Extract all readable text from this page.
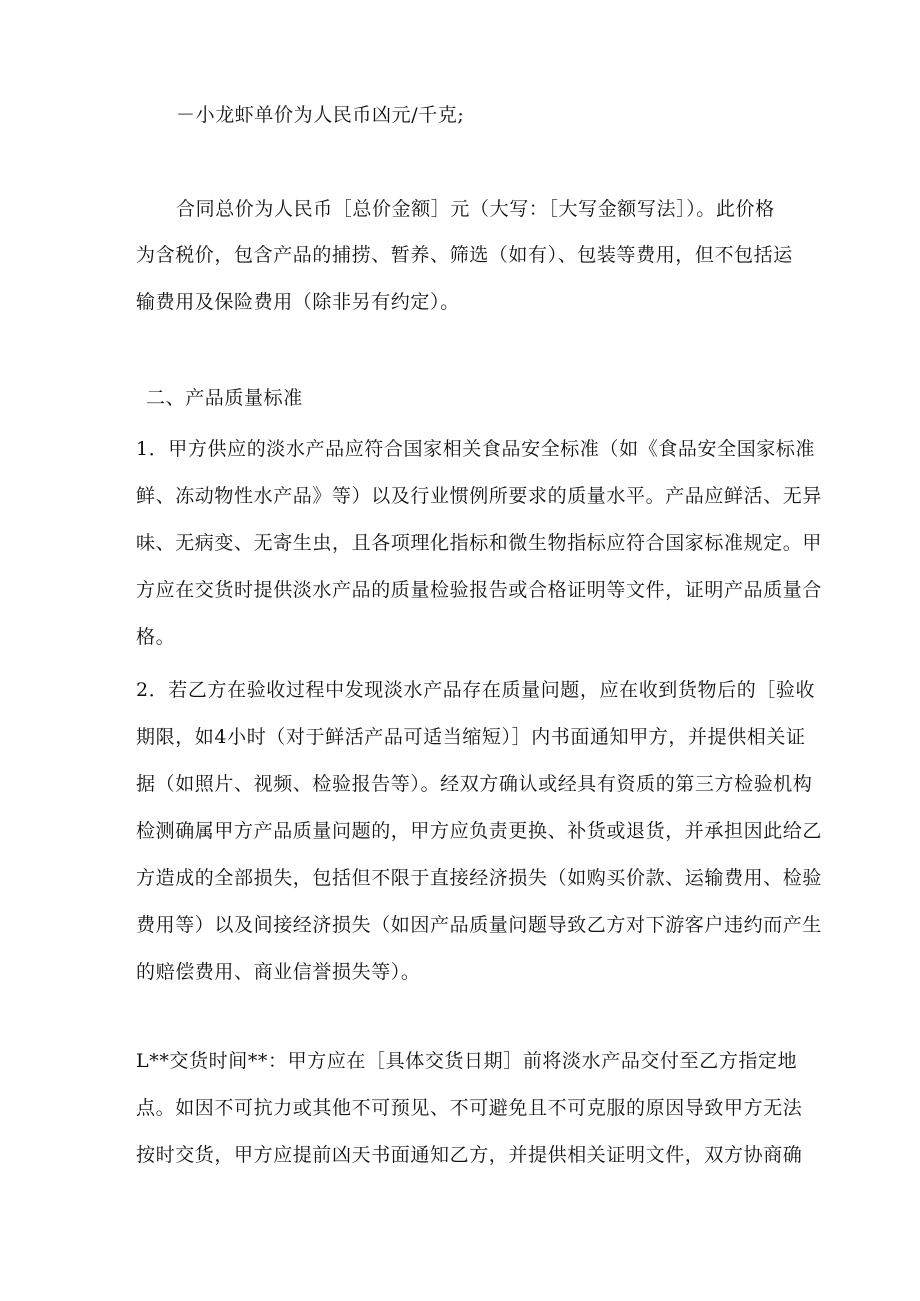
－小龙虾单价为人民币凶元/千克;
合同总价为人民币［总价金额］元（大写：［大写金额写法］）。此价格
为含税价，包含产品的捕捞、暂养、筛选（如有）、包装等费用，但不包括运
输费用及保险费用（除非另有约定）。
二、产品质量标准
1．甲方供应的淡水产品应符合国家相关食品安全标准（如《食品安全国家标准
鲜、冻动物性水产品》等）以及行业惯例所要求的质量水平。产品应鲜活、无异
味、无病变、无寄生虫，且各项理化指标和微生物指标应符合国家标准规定。甲
方应在交货时提供淡水产品的质量检验报告或合格证明等文件，证明产品质量合
格。
2．若乙方在验收过程中发现淡水产品存在质量问题，应在收到货物后的［验收
期限，如4小时（对于鲜活产品可适当缩短）］内书面通知甲方，并提供相关证
据（如照片、视频、检验报告等）。经双方确认或经具有资质的第三方检验机构
检测确属甲方产品质量问题的，甲方应负责更换、补货或退货，并承担因此给乙
方造成的全部损失，包括但不限于直接经济损失（如购买价款、运输费用、检验
费用等）以及间接经济损失（如因产品质量问题导致乙方对下游客户违约而产生
的赔偿费用、商业信誉损失等）。
L**交货时间**：甲方应在［具体交货日期］前将淡水产品交付至乙方指定地
点。如因不可抗力或其他不可预见、不可避免且不可克服的原因导致甲方无法
按时交货，甲方应提前凶天书面通知乙方，并提供相关证明文件，双方协商确
